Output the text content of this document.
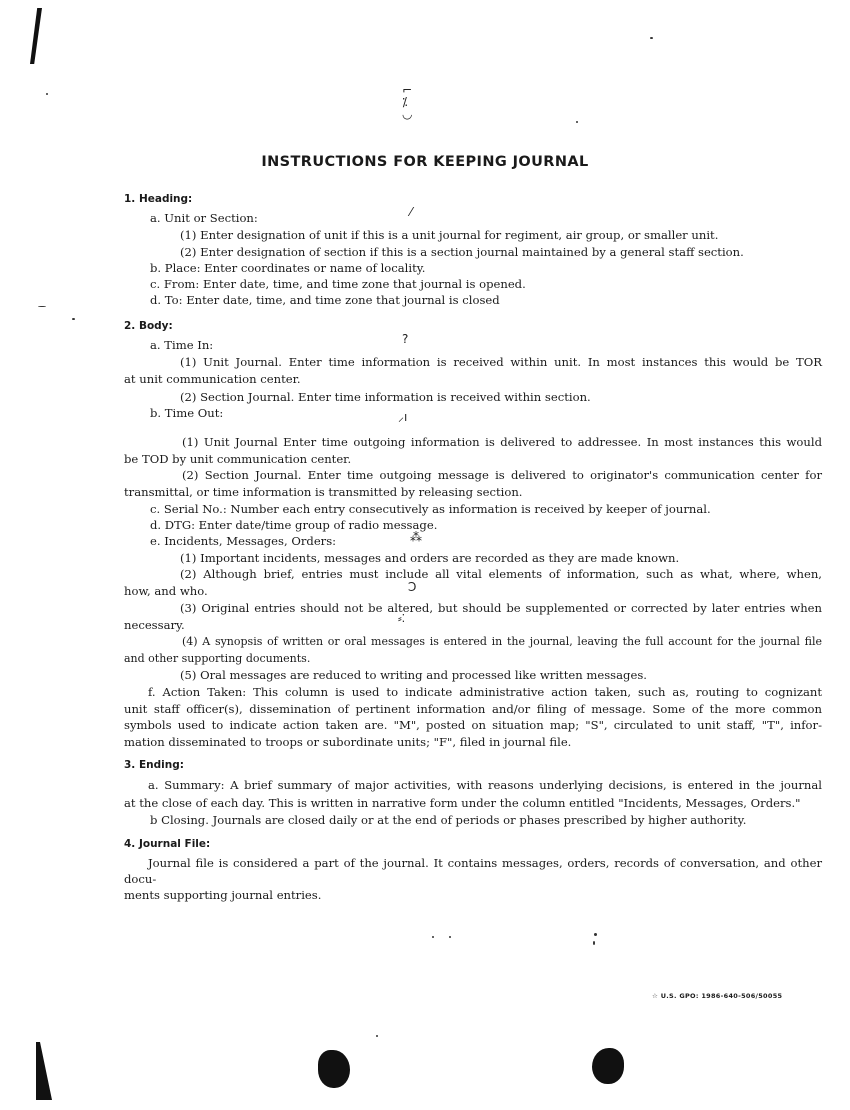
⌐
⁒
◡
⁄
?
⸝ı
⁂
Ͻ
⸗⁚
INSTRUCTIONS FOR KEEPING JOURNAL
1. Heading:
a. Unit or Section:
(1) Enter designation of unit if this is a unit journal for regiment, air group, or smaller unit.
(2) Enter designation of section if this is a section journal maintained by a general staff section.
b. Place: Enter coordinates or name of locality.
c. From: Enter date, time, and time zone that journal is opened.
d. To: Enter date, time, and time zone that journal is closed
2. Body:
a. Time In:
(1) Unit Journal. Enter time information is received within unit. In most instances this would be TOR
at unit communication center.
(2) Section Journal. Enter time information is received within section.
b. Time Out:
(1) Unit Journal Enter time outgoing information is delivered to addressee. In most instances this would
be TOD by unit communication center.
(2) Section Journal. Enter time outgoing message is delivered to originator's communication center for
transmittal, or time information is transmitted by releasing section.
c. Serial No.: Number each entry consecutively as information is received by keeper of journal.
d. DTG: Enter date/time group of radio message.
e. Incidents, Messages, Orders:
(1) Important incidents, messages and orders are recorded as they are made known.
(2) Although brief, entries must include all vital elements of information, such as what, where, when,
how, and who.
(3) Original entries should not be altered, but should be supplemented or corrected by later entries when
necessary.
(4) A synopsis of written or oral messages is entered in the journal, leaving the full account for the journal file
and other supporting documents.
(5) Oral messages are reduced to writing and processed like written messages.
f. Action Taken: This column is used to indicate administrative action taken, such as, routing to cognizant
unit staff officer(s), dissemination of pertinent information and/or filing of message. Some of the more common
symbols used to indicate action taken are. "M", posted on situation map; "S", circulated to unit staff, "T", infor-
mation disseminated to troops or subordinate units; "F", filed in journal file.
3. Ending:
a. Summary: A brief summary of major activities, with reasons underlying decisions, is entered in the journal
at the close of each day. This is written in narrative form under the column entitled "Incidents, Messages, Orders."
b Closing. Journals are closed daily or at the end of periods or phases prescribed by higher authority.
4. Journal File:
Journal file is considered a part of the journal. It contains messages, orders, records of conversation, and other docu-
ments supporting journal entries.
☆ U.S. GPO: 1986-640-506/50055
